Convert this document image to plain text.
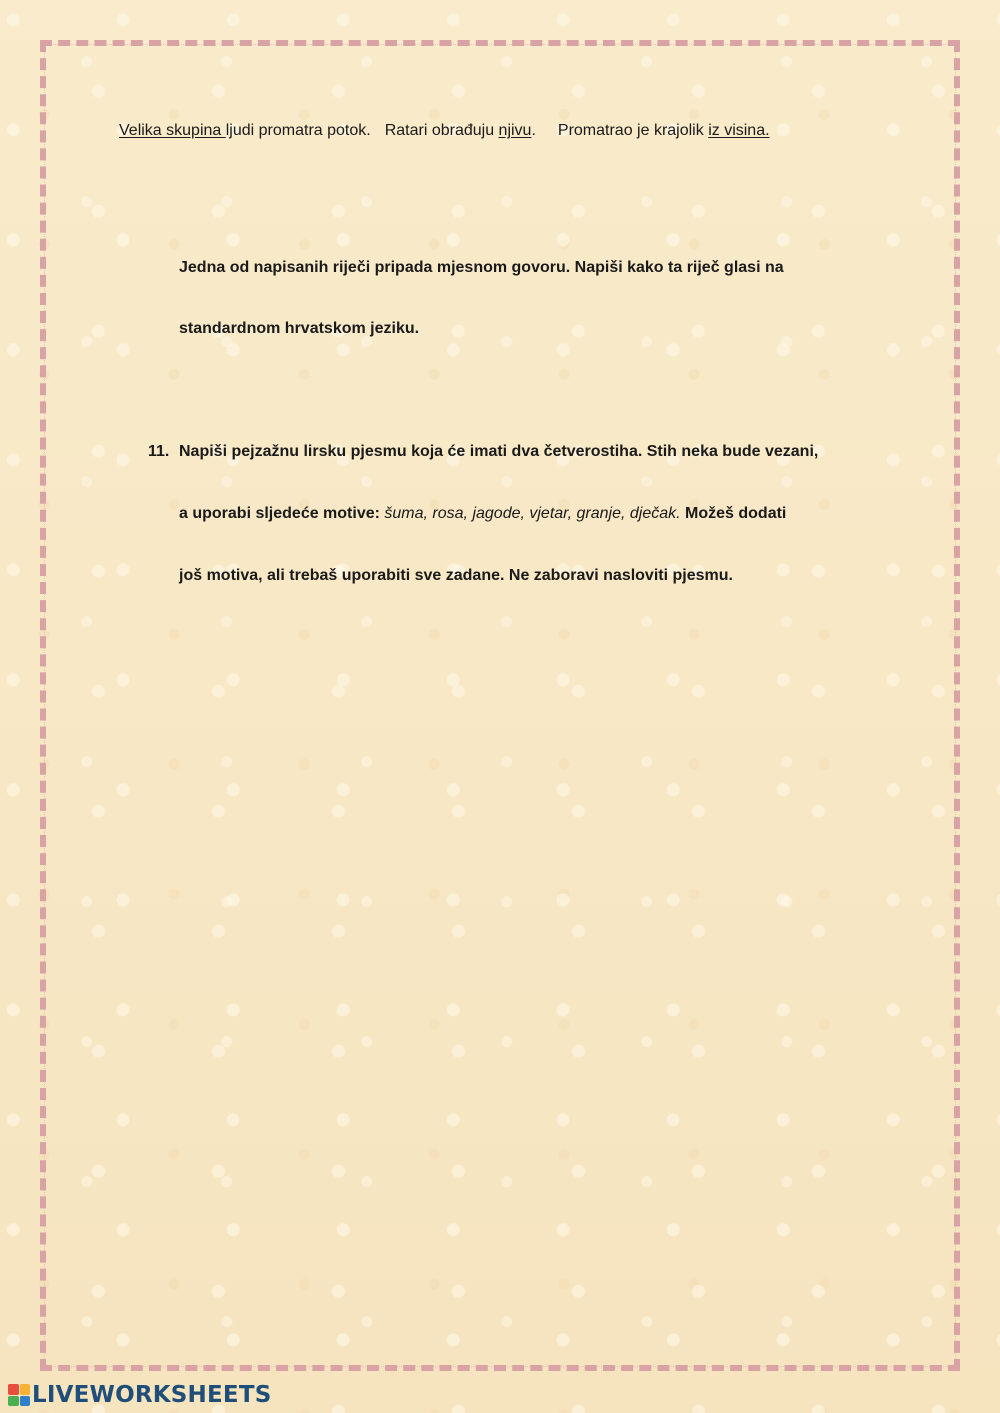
Velika skupina ljudi promatra potok. Ratari obrađuju njivu. Promatrao je krajolik iz visina.
Jedna od napisanih riječi pripada mjesnom govoru. Napiši kako ta riječ glasi na
standardnom hrvatskom jeziku.
11. Napiši pejzažnu lirsku pjesmu koja će imati dva četverostiha. Stih neka bude vezani,
a uporabi sljedeće motive: šuma, rosa, jagode, vjetar, granje, dječak. Možeš dodati
još motiva, ali trebaš uporabiti sve zadane. Ne zaboravi nasloviti pjesmu.
LIVEWORKSHEETS
